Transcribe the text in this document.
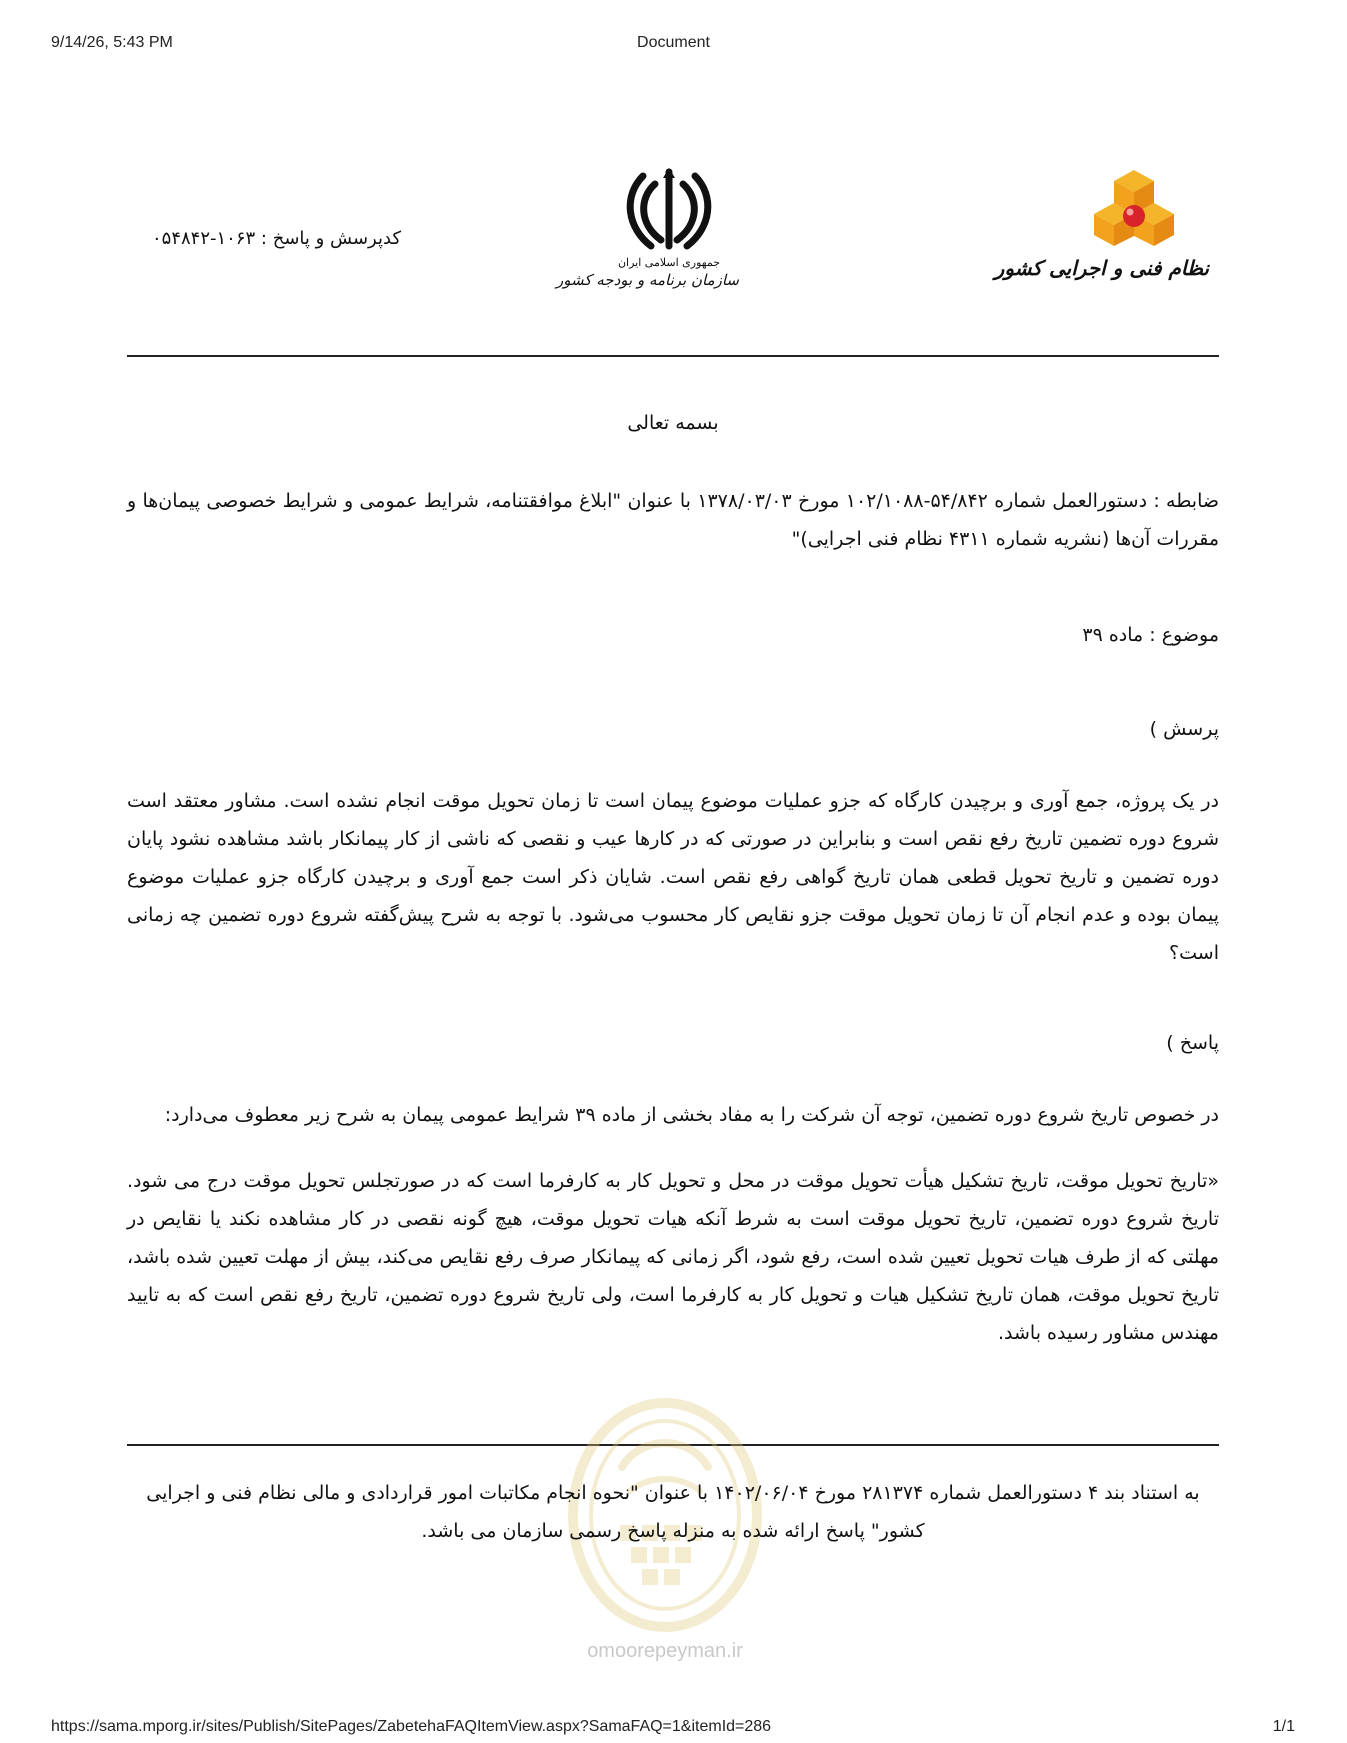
9/14/26, 5:43 PM	Document
کدپرسش و پاسخ : ۱۰۶۳-۰۵۴۸۴۲
جمهوری اسلامی ایران
سازمان برنامه و بودجه کشور	نظام فنی و اجرایی کشور
بسمه تعالی
ضابطه : دستورالعمل شماره ۵۴/۸۴۲-۱۰۲/۱۰۸۸ مورخ ۱۳۷۸/۰۳/۰۳ با عنوان "ابلاغ موافقتنامه، شرایط عمومی و شرایط خصوصی پیمان‌ها و مقررات آن‌ها (نشریه شماره ۴۳۱۱ نظام فنی اجرایی)"
موضوع : ماده ۳۹
پرسش )
در یک پروژه، جمع آوری و برچیدن کارگاه که جزو عملیات موضوع پیمان است تا زمان تحویل موقت انجام نشده است. مشاور معتقد است شروع دوره تضمین تاریخ رفع نقص است و بنابراین در صورتی که در کارها عیب و نقصی که ناشی از کار پیمانکار باشد مشاهده نشود پایان دوره تضمین و تاریخ تحویل قطعی همان تاریخ گواهی رفع نقص است. شایان ذکر است جمع آوری و برچیدن کارگاه جزو عملیات موضوع پیمان بوده و عدم انجام آن تا زمان تحویل موقت جزو نقایص کار محسوب می‌شود. با توجه به شرح پیش‌گفته شروع دوره تضمین چه زمانی است؟
پاسخ )
در خصوص تاریخ شروع دوره تضمین، توجه آن شرکت را به مفاد بخشی از ماده ۳۹ شرایط عمومی پیمان به شرح زیر معطوف می‌دارد:
«تاریخ تحویل موقت، تاریخ تشکیل هیأت تحویل موقت در محل و تحویل کار به کارفرما است که در صورتجلس تحویل موقت درج می شود. تاریخ شروع دوره تضمین، تاریخ تحویل موقت است به شرط آنکه هیات تحویل موقت، هیچ گونه نقصی در کار مشاهده نکند یا نقایص در مهلتی که از طرف هیات تحویل تعیین شده است، رفع شود، اگر زمانی که پیمانکار صرف رفع نقایص می‌کند، بیش از مهلت تعیین شده باشد، تاریخ تحویل موقت، همان تاریخ تشکیل هیات و تحویل کار به کارفرما است، ولی تاریخ شروع دوره تضمین، تاریخ رفع نقص است که به تایید مهندس مشاور رسیده باشد.
omoorepeyman.ir
به استناد بند ۴ دستورالعمل شماره ۲۸۱۳۷۴ مورخ ۱۴۰۲/۰۶/۰۴ با عنوان "نحوه انجام مکاتبات امور قراردادی و مالی نظام فنی و اجرایی کشور" پاسخ ارائه شده به منزله پاسخ رسمی سازمان می باشد.
https://sama.mporg.ir/sites/Publish/SitePages/ZabetehaFAQItemView.aspx?SamaFAQ=1&itemId=286	1/1
